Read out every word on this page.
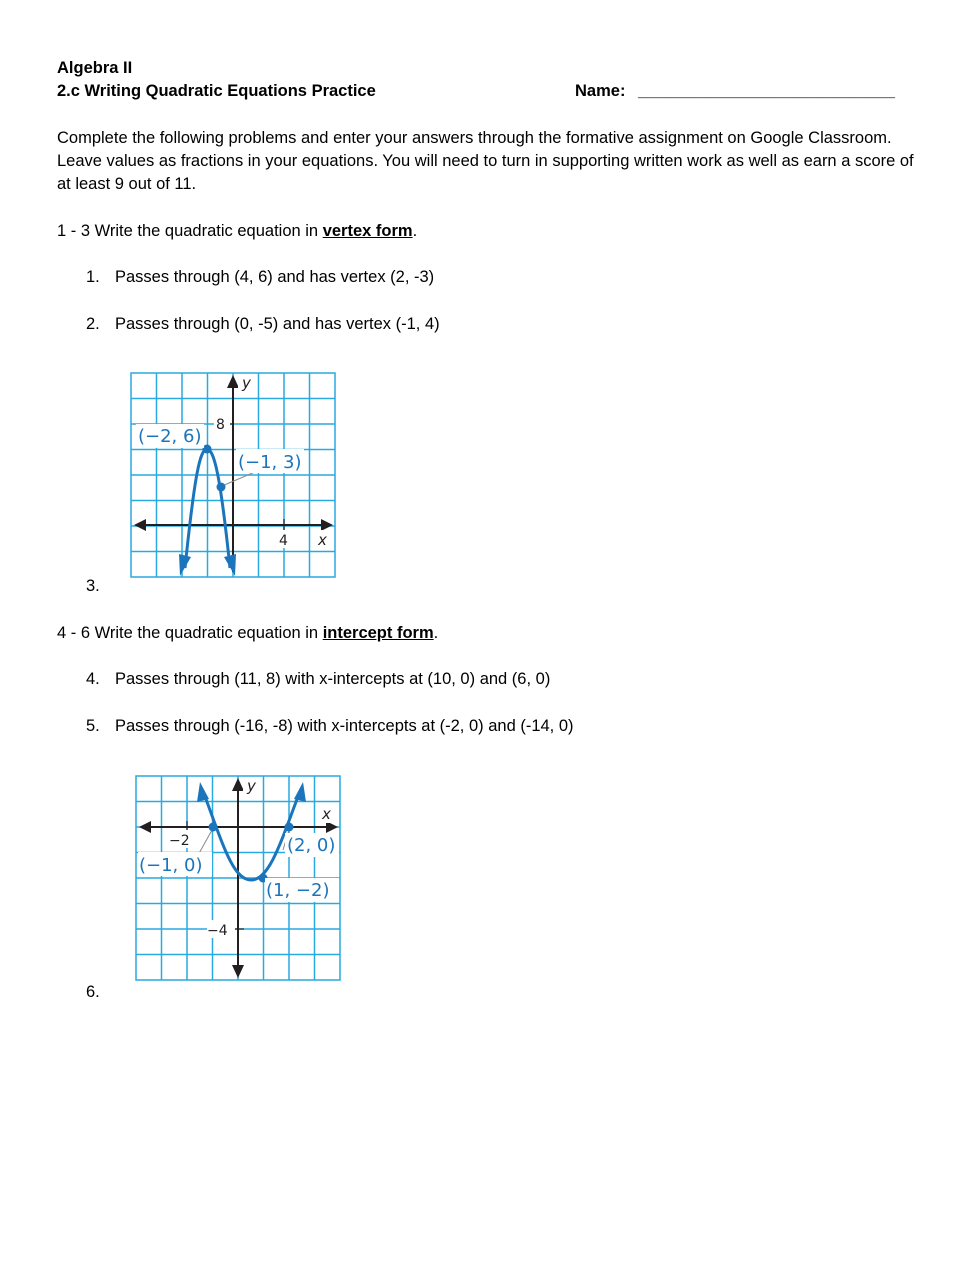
Algebra II
2.c Writing Quadratic Equations Practice	Name: ____________________________
Complete the following problems and enter your answers through the formative assignment on Google Classroom. Leave values as fractions in your equations. You will need to turn in supporting written work as well as earn a score of at least 9 out of 11.
1 - 3 Write the quadratic equation in vertex form.
1. Passes through (4, 6) and has vertex (2, -3)
2. Passes through (0, -5) and has vertex (-1, 4)
y
x
8
4
(−2, 6)
(−1, 3)
3.
4 - 6 Write the quadratic equation in intercept form.
4. Passes through (11, 8) with x-intercepts at (10, 0) and (6, 0)
5. Passes through (-16, -8) with x-intercepts at (-2, 0) and (-14, 0)
y
x
−2
−4
(−1, 0)
(2, 0)
(1, −2)
6.
